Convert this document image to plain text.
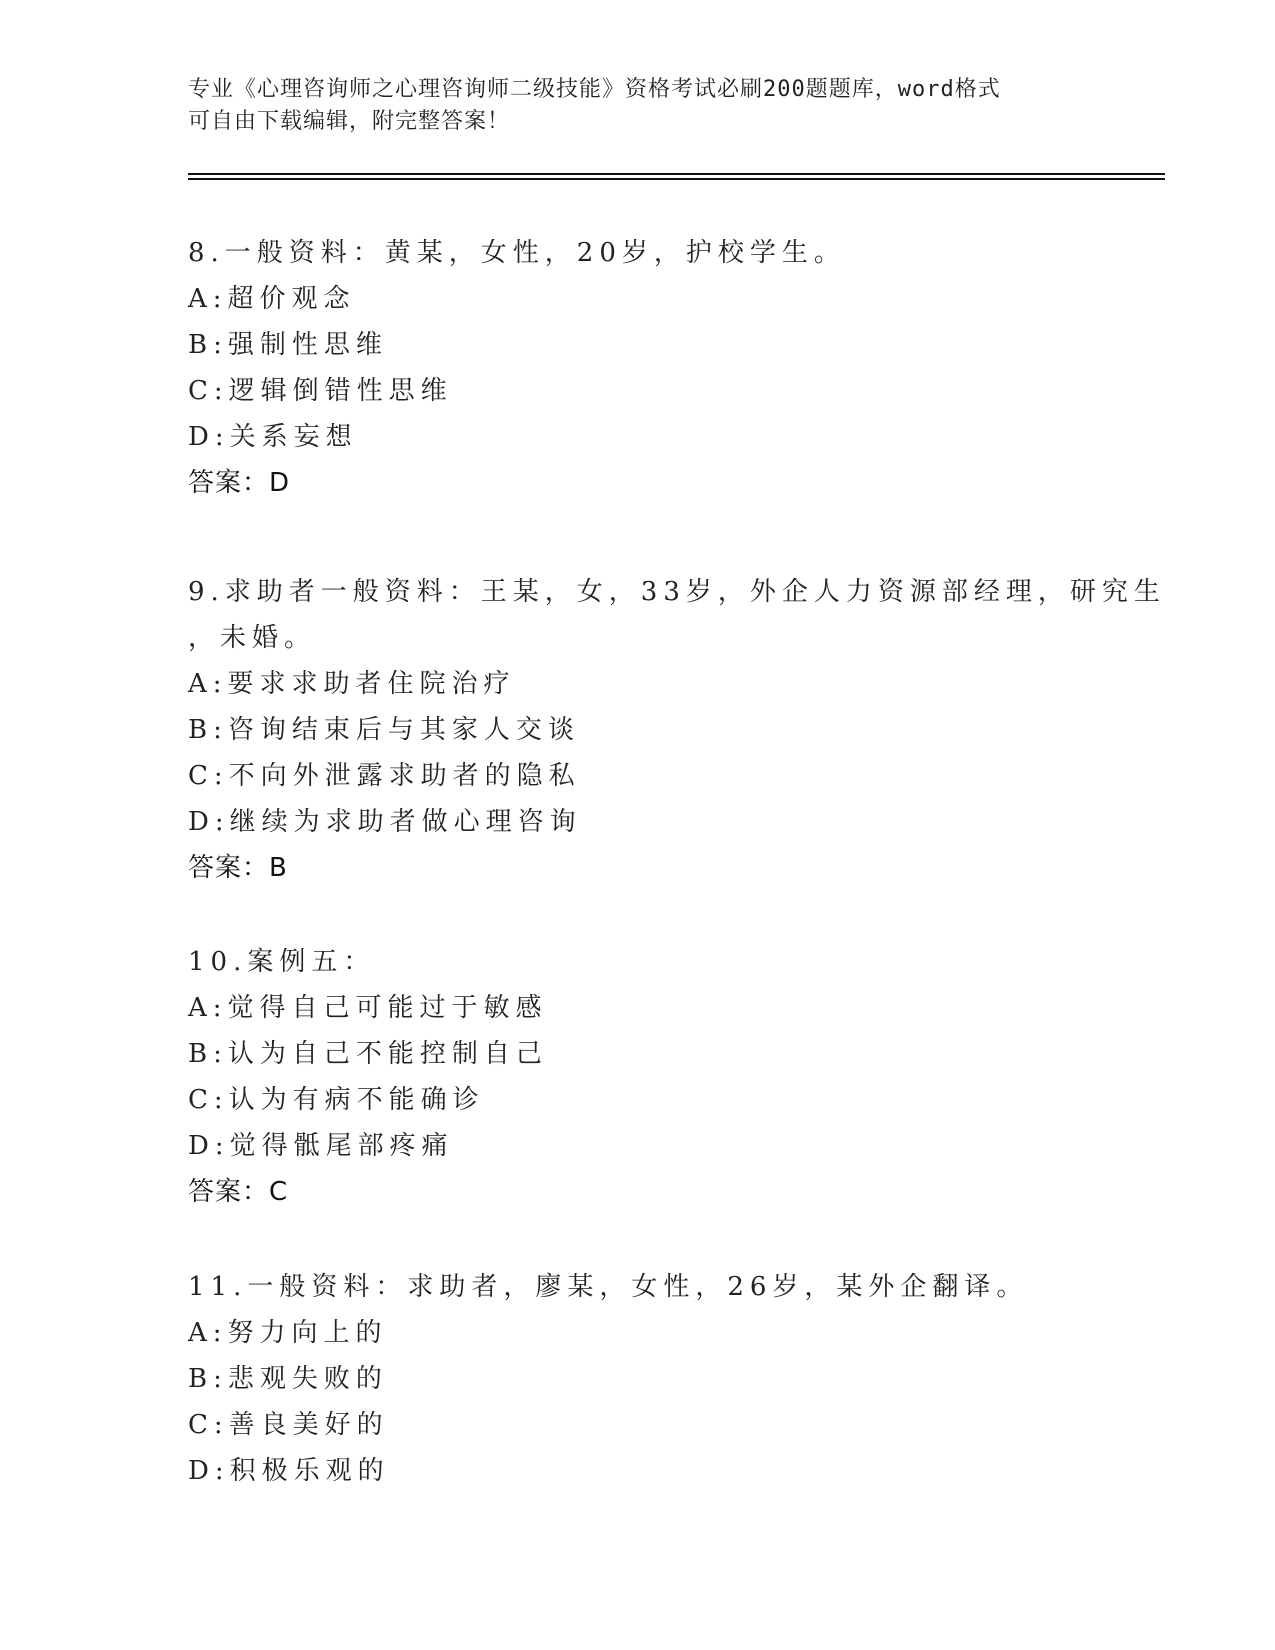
专业《心理咨询师之心理咨询师二级技能》资格考试必刷200题题库，word格式
可自由下载编辑，附完整答案！
8.一般资料：黄某，女性，20岁，护校学生。
A:超价观念
B:强制性思维
C:逻辑倒错性思维
D:关系妄想
答案：D
9.求助者一般资料：王某，女，33岁，外企人力资源部经理，研究生
，未婚。
A:要求求助者住院治疗
B:咨询结束后与其家人交谈
C:不向外泄露求助者的隐私
D:继续为求助者做心理咨询
答案：B
10.案例五：
A:觉得自己可能过于敏感
B:认为自己不能控制自己
C:认为有病不能确诊
D:觉得骶尾部疼痛
答案：C
11.一般资料：求助者，廖某，女性，26岁，某外企翻译。
A:努力向上的
B:悲观失败的
C:善良美好的
D:积极乐观的
